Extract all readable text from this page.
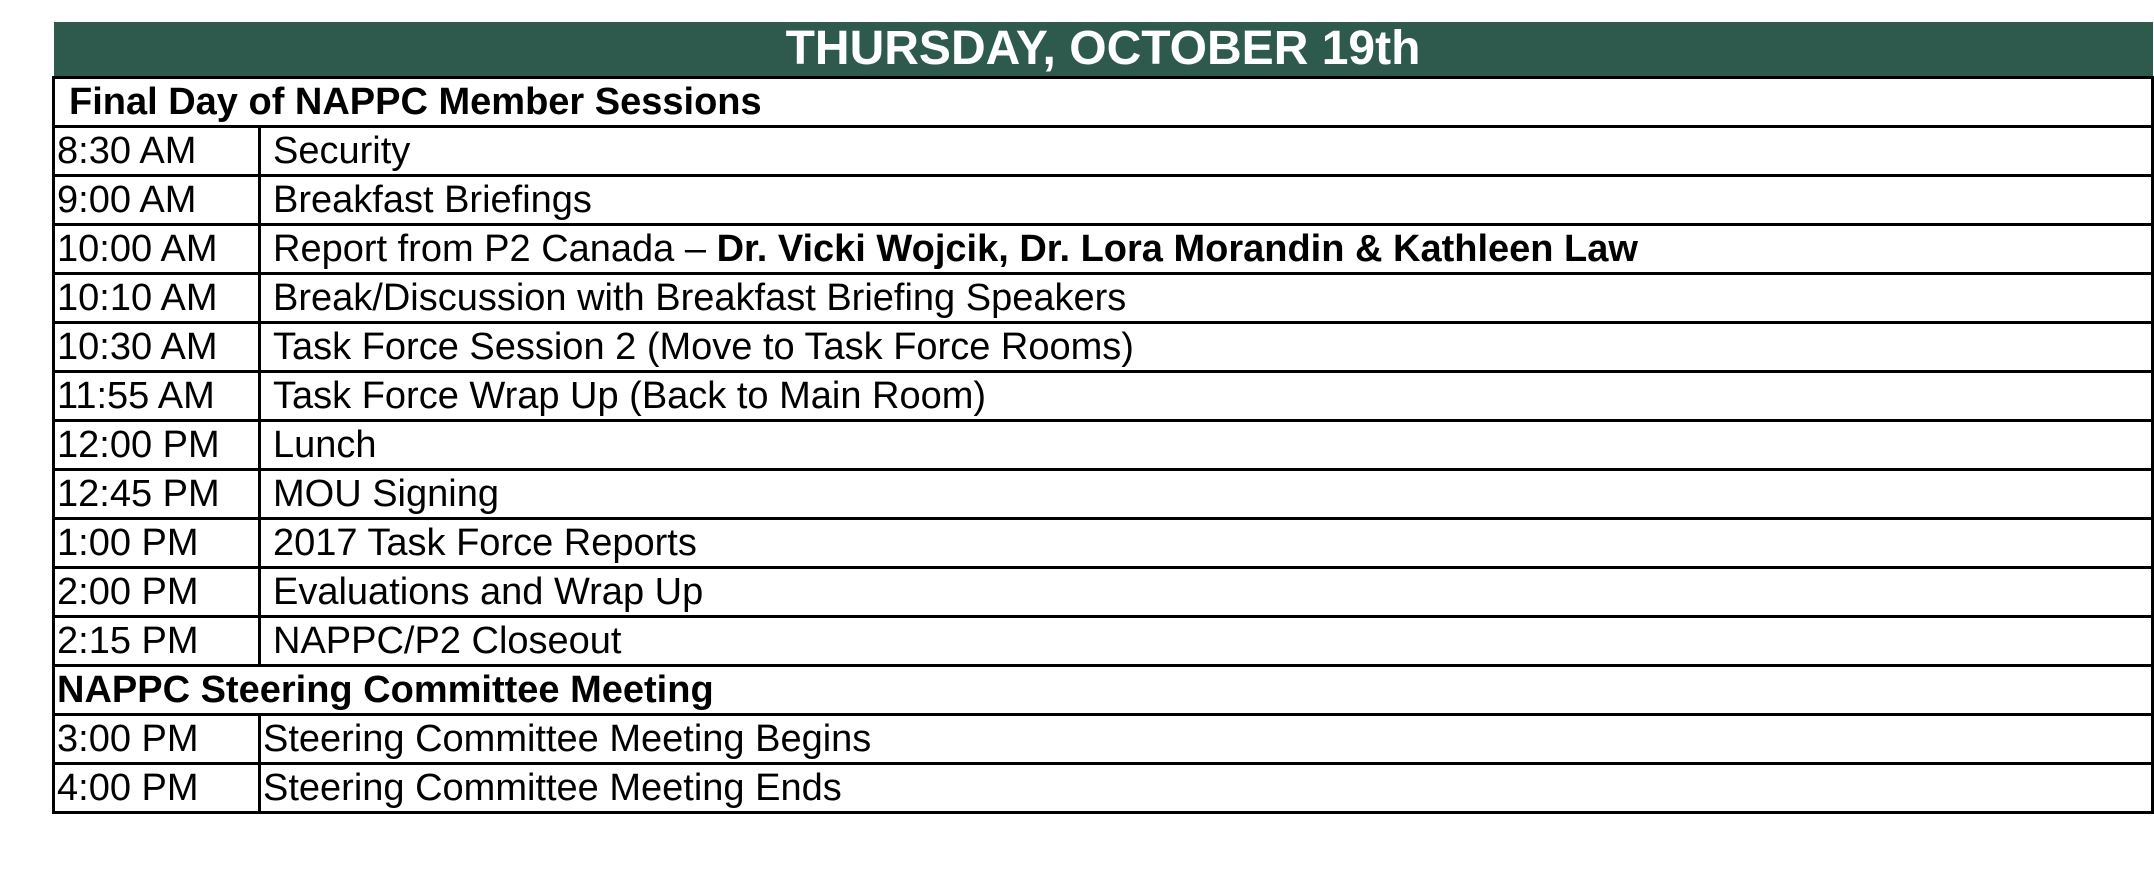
THURSDAY, OCTOBER 19th	
Final Day of NAPPC Member Sessions	
8:30 AM	Security
9:00 AM	Breakfast Briefings
10:00 AM	Report from P2 Canada – Dr. Vicki Wojcik, Dr. Lora Morandin & Kathleen Law
10:10 AM	Break/Discussion with Breakfast Briefing Speakers
10:30 AM	Task Force Session 2 (Move to Task Force Rooms)
11:55 AM	Task Force Wrap Up (Back to Main Room)
12:00 PM	Lunch
12:45 PM	MOU Signing
1:00 PM	2017 Task Force Reports
2:00 PM	Evaluations and Wrap Up
2:15 PM	NAPPC/P2 Closeout
NAPPC Steering Committee Meeting	
3:00 PM	Steering Committee Meeting Begins
4:00 PM	Steering Committee Meeting Ends
